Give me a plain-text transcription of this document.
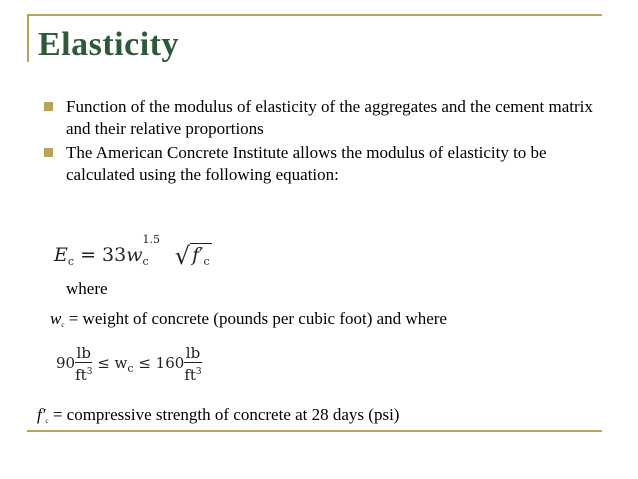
Elasticity
Function of the modulus of elasticity of the aggregates and the cement matrix and their relative proportions
The American Concrete Institute allows the modulus of elasticity to be calculated using the following equation:
$E_c = 33w$
1.5
$_c$ √ $f'_c$
where
wc = weight of concrete (pounds per cubic foot) and where
$90 \frac{lb}{ft^3} \le w_c \le 160 \frac{lb}{ft^3}$
f′c = compressive strength of concrete at 28 days (psi)
